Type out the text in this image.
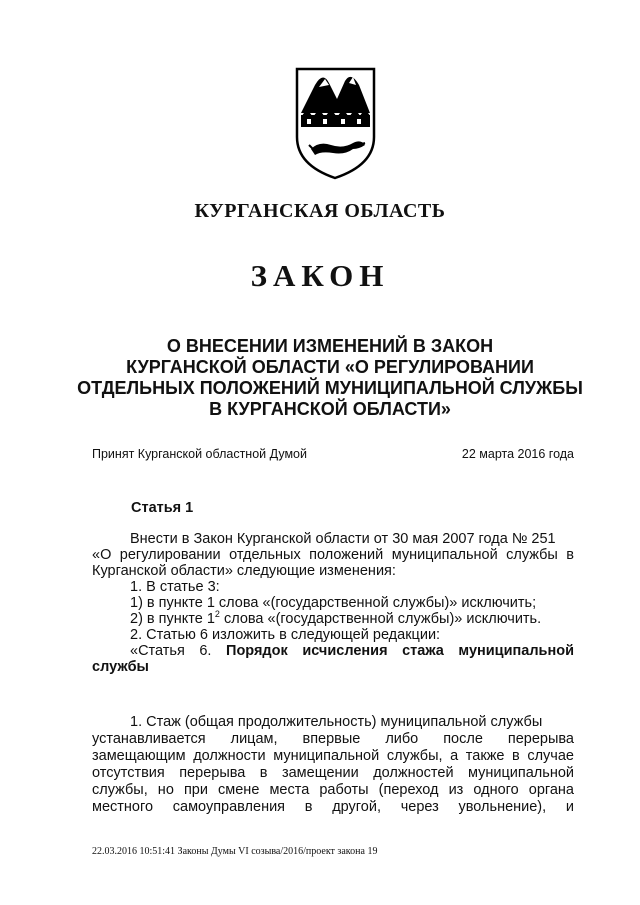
КУРГАНСКАЯ ОБЛАСТЬ
ЗАКОН
О ВНЕСЕНИИ ИЗМЕНЕНИЙ В ЗАКОН
КУРГАНСКОЙ ОБЛАСТИ «О РЕГУЛИРОВАНИИ
ОТДЕЛЬНЫХ ПОЛОЖЕНИЙ МУНИЦИПАЛЬНОЙ СЛУЖБЫ
В КУРГАНСКОЙ ОБЛАСТИ»
Принят Курганской областной Думой	22 марта 2016 года
Статья 1

Внести в Закон Курганской области от 30 мая 2007 года № 251

«О регулировании отдельных положений муниципальной службы в

Курганской области» следующие изменения:

1. В статье 3:

1) в пункте 1 слова «(государственной службы)» исключить;

2) в пункте $1^2$ слова «(государственной службы)» исключить.

2. Статью 6 изложить в следующей редакции:

«Статья 6. Порядок исчисления стажа муниципальной

службы

1. Стаж (общая продолжительность) муниципальной службы

устанавливается лицам, впервые либо после перерыва

замещающим должности муниципальной службы, а также в случае

отсутствия перерыва в замещении должностей муниципальной

службы, но при смене места работы (переход из одного органа

местного самоуправления в другой, через увольнение), и

22.03.2016 10:51:41 Законы Думы VI созыва/2016/проект закона 19
